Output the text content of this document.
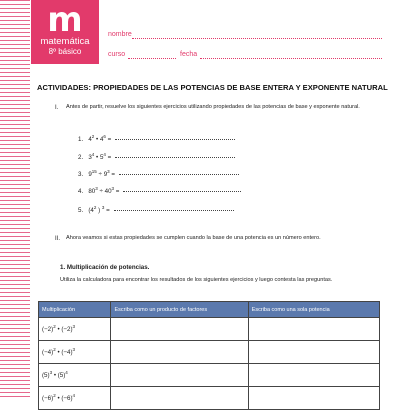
m
matemática
8º básico
nombre
curso	fecha
ACTIVIDADES: PROPIEDADES DE LAS POTENCIAS DE BASE ENTERA Y EXPONENTE NATURAL
I. Antes de partir, resuelve los siguientes ejercicios utilizando propiedades de las potencias de base y exponente natural.
1. $4^2$ • $4^6$ =
2. $3^4$ • $5^4$ =
3. $9^{15} \div 9^3$ =
4. $80^3 \div 40^3$ =
5. ($4^2$ ) $^3$ =
II. Ahora veamos si estas propiedades se cumplen cuando la base de una potencia es un número entero.
1. Multiplicación de potencias.
Utiliza la calculadora para encontrar los resultados de los siguientes ejercicios y luego contesta las preguntas.
Multiplicación	Escriba como un producto de factores	Escriba como una sola potencia
$(-2)^2$ • $(-2)^3$		
$(-4)^2$ • $(-4)^3$		
$(5)^3$ • $(5)^4$		
$(-6)^2$ • $(-6)^4$		
